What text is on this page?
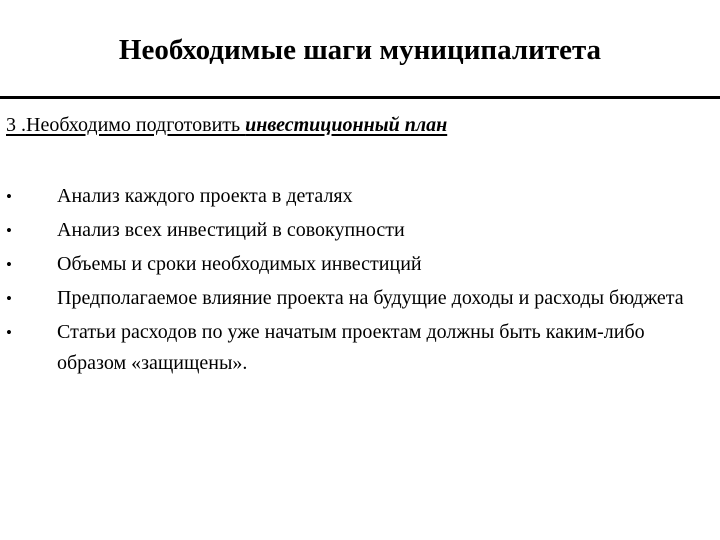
Необходимые шаги муниципалитета
3 .Необходимо подготовить инвестиционный план
• Анализ каждого проекта в деталях
• Анализ всех инвестиций в совокупности
• Объемы и сроки необходимых инвестиций
• Предполагаемое влияние проекта на будущие доходы и расходы бюджета
• Статьи расходов по уже начатым проектам должны быть каким-либо образом «защищены».
